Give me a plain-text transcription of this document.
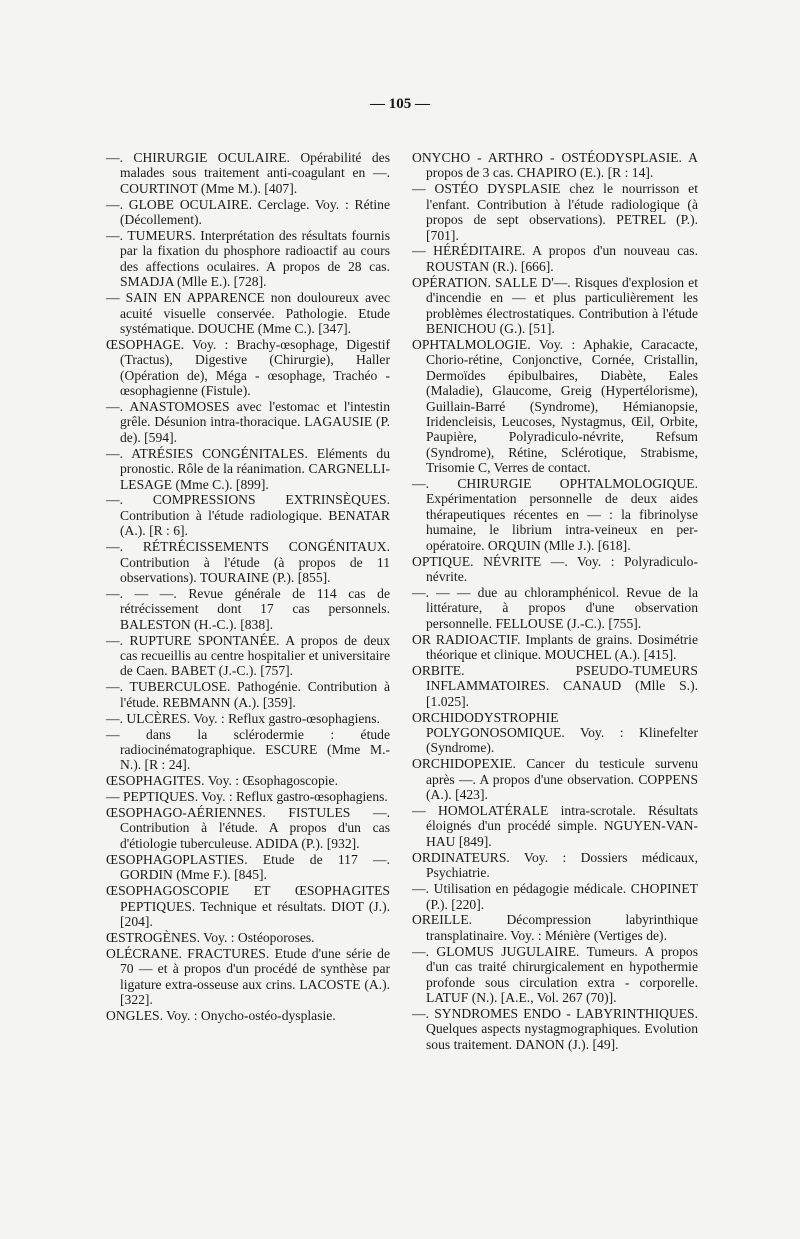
— 105 —

—. CHIRURGIE OCULAIRE. Opérabilité des malades sous traitement anti-coagulant en —. COURTINOT (Mme M.). [407].

—. GLOBE OCULAIRE. Cerclage. Voy. : Rétine (Décollement).

—. TUMEURS. Interprétation des résultats fournis par la fixation du phosphore radioactif au cours des affections oculaires. A propos de 28 cas. SMADJA (Mlle E.). [728].

— SAIN EN APPARENCE non douloureux avec acuité visuelle conservée. Pathologie. Etude systématique. DOUCHE (Mme C.). [347].

ŒSOPHAGE. Voy. : Brachy-œsophage, Digestif (Tractus), Digestive (Chirurgie), Haller (Opération de), Méga - œsophage, Trachéo - œsophagienne (Fistule).

—. ANASTOMOSES avec l'estomac et l'intestin grêle. Désunion intra-thoracique. LAGAUSIE (P. de). [594].

—. ATRÉSIES CONGÉNITALES. Eléments du pronostic. Rôle de la réanimation. CARGNELLI-LESAGE (Mme C.). [899].

—. COMPRESSIONS EXTRINSÈQUES. Contribution à l'étude radiologique. BENATAR (A.). [R : 6].

—. RÉTRÉCISSEMENTS CONGÉNITAUX. Contribution à l'étude (à propos de 11 observations). TOURAINE (P.). [855].

—. — —. Revue générale de 114 cas de rétrécissement dont 17 cas personnels. BALESTON (H.-C.). [838].

—. RUPTURE SPONTANÉE. A propos de deux cas recueillis au centre hospitalier et universitaire de Caen. BABET (J.-C.). [757].

—. TUBERCULOSE. Pathogénie. Contribution à l'étude. REBMANN (A.). [359].

—. ULCÈRES. Voy. : Reflux gastro-œsophagiens.

— dans la sclérodermie : étude radiocinématographique. ESCURE (Mme M.-N.). [R : 24].

ŒSOPHAGITES. Voy. : Œsophagoscopie.

— PEPTIQUES. Voy. : Reflux gastro-œsophagiens.

ŒSOPHAGO-AÉRIENNES. FISTULES —. Contribution à l'étude. A propos d'un cas d'étiologie tuberculeuse. ADIDA (P.). [932].

ŒSOPHAGOPLASTIES. Etude de 117 —. GORDIN (Mme F.). [845].

ŒSOPHAGOSCOPIE ET ŒSOPHAGITES PEPTIQUES. Technique et résultats. DIOT (J.). [204].

ŒSTROGÈNES. Voy. : Ostéoporoses.

OLÉCRANE. FRACTURES. Etude d'une série de 70 — et à propos d'un procédé de synthèse par ligature extra-osseuse aux crins. LACOSTE (A.). [322].

ONGLES. Voy. : Onycho-ostéo-dysplasie.

ONYCHO - ARTHRO - OSTÉODYSPLASIE. A propos de 3 cas. CHAPIRO (E.). [R : 14].

— OSTÉO DYSPLASIE chez le nourrisson et l'enfant. Contribution à l'étude radiologique (à propos de sept observations). PETREL (P.). [701].

— HÉRÉDITAIRE. A propos d'un nouveau cas. ROUSTAN (R.). [666].

OPÉRATION. SALLE D'—. Risques d'explosion et d'incendie en — et plus particulièrement les problèmes électrostatiques. Contribution à l'étude BENICHOU (G.). [51].

OPHTALMOLOGIE. Voy. : Aphakie, Caracacte, Chorio-rétine, Conjonctive, Cornée, Cristallin, Dermoïdes épibulbaires, Diabète, Eales (Maladie), Glaucome, Greig (Hypertélorisme), Guillain-Barré (Syndrome), Hémianopsie, Iridencleisis, Leucoses, Nystagmus, Œil, Orbite, Paupière, Polyradiculo-névrite, Refsum (Syndrome), Rétine, Sclérotique, Strabisme, Trisomie C, Verres de contact.

—. CHIRURGIE OPHTALMOLOGIQUE. Expérimentation personnelle de deux aides thérapeutiques récentes en — : la fibrinolyse humaine, le librium intra-veineux en per-opératoire. ORQUIN (Mlle J.). [618].

OPTIQUE. NÉVRITE —. Voy. : Polyradiculo-névrite.

—. — — due au chloramphénicol. Revue de la littérature, à propos d'une observation personnelle. FELLOUSE (J.-C.). [755].

OR RADIOACTIF. Implants de grains. Dosimétrie théorique et clinique. MOUCHEL (A.). [415].

ORBITE. PSEUDO-TUMEURS INFLAMMATOIRES. CANAUD (Mlle S.). [1.025].

ORCHIDODYSTROPHIE POLYGONOSOMIQUE. Voy. : Klinefelter (Syndrome).

ORCHIDOPEXIE. Cancer du testicule survenu après —. A propos d'une observation. COPPENS (A.). [423].

— HOMOLATÉRALE intra-scrotale. Résultats éloignés d'un procédé simple. NGUYEN-VAN-HAU [849].

ORDINATEURS. Voy. : Dossiers médicaux, Psychiatrie.

—. Utilisation en pédagogie médicale. CHOPINET (P.). [220].

OREILLE. Décompression labyrinthique transplatinaire. Voy. : Ménière (Vertiges de).

—. GLOMUS JUGULAIRE. Tumeurs. A propos d'un cas traité chirurgicalement en hypothermie profonde sous circulation extra - corporelle. LATUF (N.). [A.E., Vol. 267 (70)].

—. SYNDROMES ENDO - LABYRINTHIQUES. Quelques aspects nystagmographiques. Evolution sous traitement. DANON (J.). [49].
